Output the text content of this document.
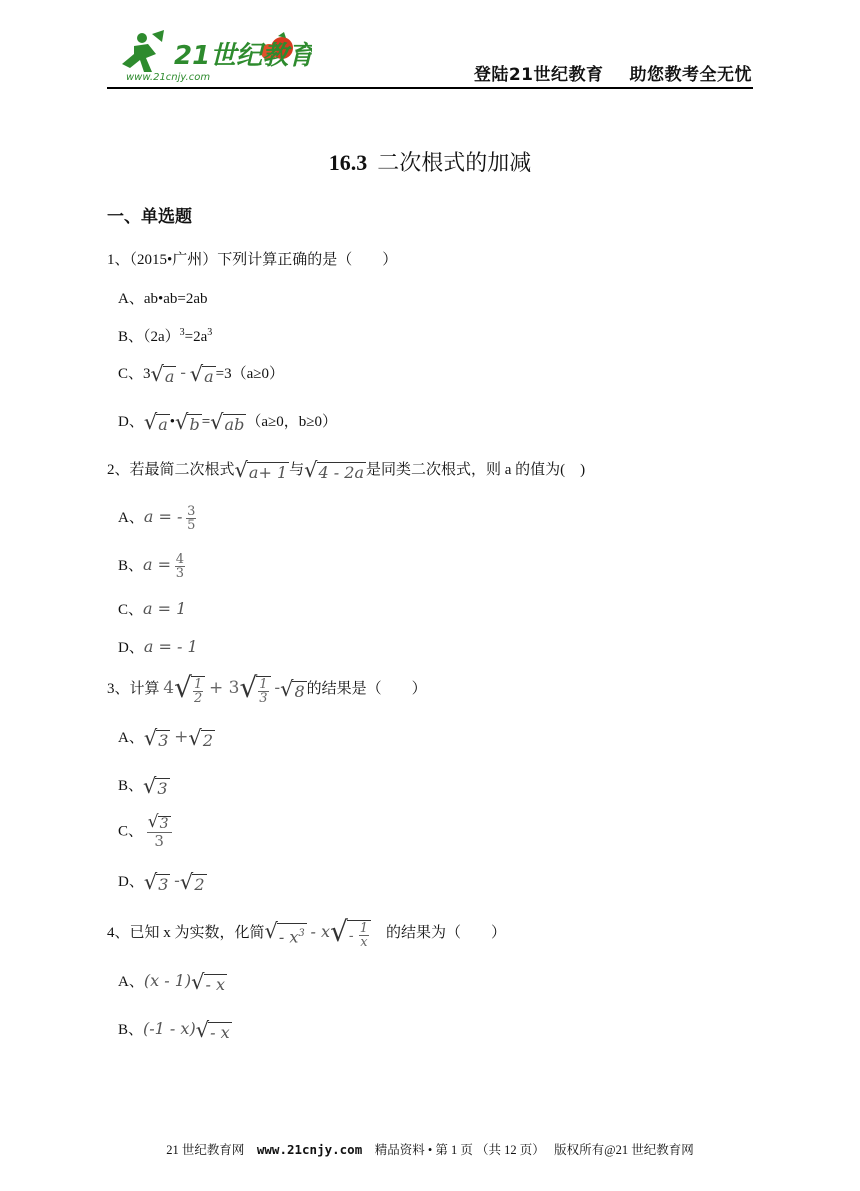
21世纪教育
www.21cnjy.com	登陆21世纪教育 助您教考全无忧
16.3 二次根式的加减
一、单选题
1、（2015•广州）下列计算正确的是（　　）
A、ab•ab=2ab
B、$(2a)^3=2a^3$
C、3 √ a - √ a =3（a≥0）
D、 √ a • √ b = √ ab （a≥0，b≥0）
2、若最简二次根式 √ a+ 1 与 √ 4 - 2a 是同类二次根式，则 a 的值为(　)
A、a = - $\frac{3}{5}$
B、$a = \frac{4}{3}$
C、a = 1
D、a = - 1
3、计算 4 √ $\frac{1}{2} + 3$ √ $\frac{1}{3}$ - √ 8 的结果是（　　）
A、 √ 3 + √ 2
B、 √ 3
C、 $\frac{√ 3}{3}$
D、 √ 3 - √ 2
4、已知 x 为实数，化简 √ - $x^3$ - x √ - $\frac{1}{x}$ 　的结果为（　　）
A、(x - 1) √ - x
B、(-1 - x) √ - x
21 世纪教育网 www.21cnjy.com 精品资料 • 第 1 页 （共 12 页） 版权所有@21 世纪教育网
